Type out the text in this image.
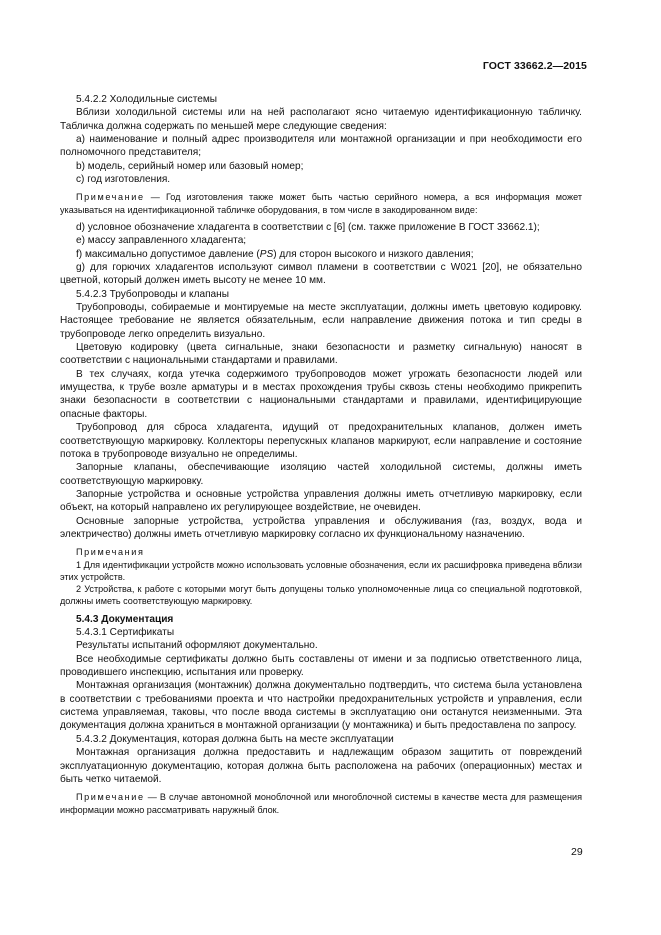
ГОСТ 33662.2—2015

5.4.2.2 Холодильные системы

Вблизи холодильной системы или на ней располагают ясно читаемую идентификационную табличку. Табличка должна содержать по меньшей мере следующие сведения:

a) наименование и полный адрес производителя или монтажной организации и при необходимости его полномочного представителя;

b) модель, серийный номер или базовый номер;

c) год изготовления.

Примечание — Год изготовления также может быть частью серийного номера, а вся информация может указываться на идентификационной табличке оборудования, в том числе в закодированном виде:

d) условное обозначение хладагента в соответствии с [6] (см. также приложение В ГОСТ 33662.1);

e) массу заправленного хладагента;

f) максимально допустимое давление (PS) для сторон высокого и низкого давления;

g) для горючих хладагентов используют символ пламени в соответствии с W021 [20], не обязательно цветной, который должен иметь высоту не менее 10 мм.

5.4.2.3 Трубопроводы и клапаны

Трубопроводы, собираемые и монтируемые на месте эксплуатации, должны иметь цветовую кодировку. Настоящее требование не является обязательным, если направление движения потока и тип среды в трубопроводе легко определить визуально.

Цветовую кодировку (цвета сигнальные, знаки безопасности и разметку сигнальную) наносят в соответствии с национальными стандартами и правилами.

В тех случаях, когда утечка содержимого трубопроводов может угрожать безопасности людей или имущества, к трубе возле арматуры и в местах прохождения трубы сквозь стены необходимо прикрепить знаки безопасности в соответствии с национальными стандартами и правилами, идентифицирующие опасные факторы.

Трубопровод для сброса хладагента, идущий от предохранительных клапанов, должен иметь соответствующую маркировку. Коллекторы перепускных клапанов маркируют, если направление и состояние потока в трубопроводе визуально не определимы.

Запорные клапаны, обеспечивающие изоляцию частей холодильной системы, должны иметь соответствующую маркировку.

Запорные устройства и основные устройства управления должны иметь отчетливую маркировку, если объект, на который направлено их регулирующее воздействие, не очевиден.

Основные запорные устройства, устройства управления и обслуживания (газ, воздух, вода и электричество) должны иметь отчетливую маркировку согласно их функциональному назначению.

Примечания

1 Для идентификации устройств можно использовать условные обозначения, если их расшифровка приведена вблизи этих устройств.

2 Устройства, к работе с которыми могут быть допущены только уполномоченные лица со специальной подготовкой, должны иметь соответствующую маркировку.

5.4.3 Документация

5.4.3.1 Сертификаты

Результаты испытаний оформляют документально.

Все необходимые сертификаты должно быть составлены от имени и за подписью ответственного лица, проводившего инспекцию, испытания или проверку.

Монтажная организация (монтажник) должна документально подтвердить, что система была установлена в соответствии с требованиями проекта и что настройки предохранительных устройств и управления, если система управляемая, таковы, что после ввода системы в эксплуатацию они останутся неизменными. Эта документация должна храниться в монтажной организации (у монтажника) и быть предоставлена по запросу.

5.4.3.2 Документация, которая должна быть на месте эксплуатации

Монтажная организация должна предоставить и надлежащим образом защитить от повреждений эксплуатационную документацию, которая должна быть расположена на рабочих (операционных) местах и быть четко читаемой.

Примечание — В случае автономной моноблочной или многоблочной системы в качестве места для размещения информации можно рассматривать наружный блок.

29
